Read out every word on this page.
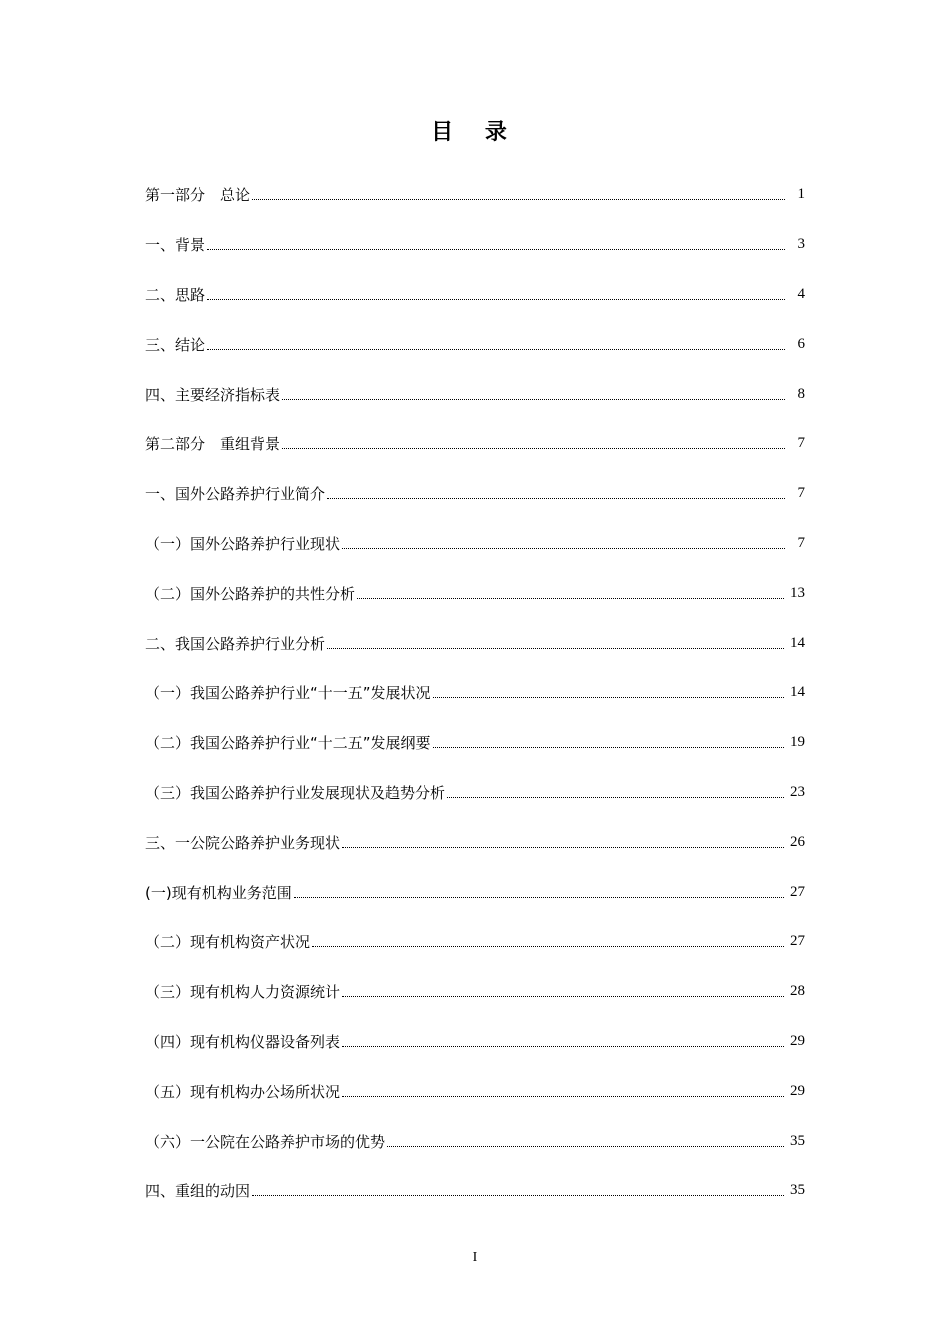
目 录
第一部分　总论	1
一、背景	3
二、思路	4
三、结论	6
四、主要经济指标表	8
第二部分　重组背景	7
一、国外公路养护行业简介	7
（一）国外公路养护行业现状	7
（二）国外公路养护的共性分析	13
二、我国公路养护行业分析	14
（一）我国公路养护行业“十一五”发展状况	14
（二）我国公路养护行业“十二五”发展纲要	19
（三）我国公路养护行业发展现状及趋势分析	23
三、一公院公路养护业务现状	26
(一)现有机构业务范围	27
（二）现有机构资产状况	27
（三）现有机构人力资源统计	28
（四）现有机构仪器设备列表	29
（五）现有机构办公场所状况	29
（六）一公院在公路养护市场的优势	35
四、重组的动因	35
I
